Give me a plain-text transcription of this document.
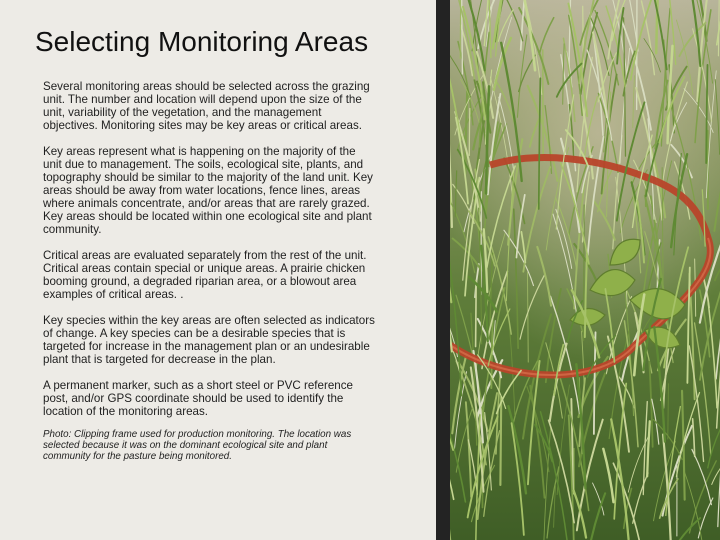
Selecting Monitoring Areas

Several monitoring areas should be selected across the grazing unit. The number and location will depend upon the size of the unit, variability of the vegetation, and the management objectives. Monitoring sites may be key areas or critical areas.

Key areas represent what is happening on the majority of the unit due to management. The soils, ecological site, plants, and topography should be similar to the majority of the land unit. Key areas should be away from water locations, fence lines, areas where animals concentrate, and/or areas that are rarely grazed. Key areas should be located within one ecological site and plant community.

Critical areas are evaluated separately from the rest of the unit. Critical areas contain special or unique areas. A prairie chicken booming ground, a degraded riparian area, or a blowout area examples of critical areas. .

Key species within the key areas are often selected as indicators of change. A key species can be a desirable species that is targeted for increase in the management plan or an undesirable plant that is targeted for decrease in the plan.

A permanent marker, such as a short steel or PVC reference post, and/or GPS coordinate should be used to identify the location of the monitoring areas.

Photo: Clipping frame used for production monitoring. The location was selected because it was on the dominant ecological site and plant community for the pasture being monitored.
